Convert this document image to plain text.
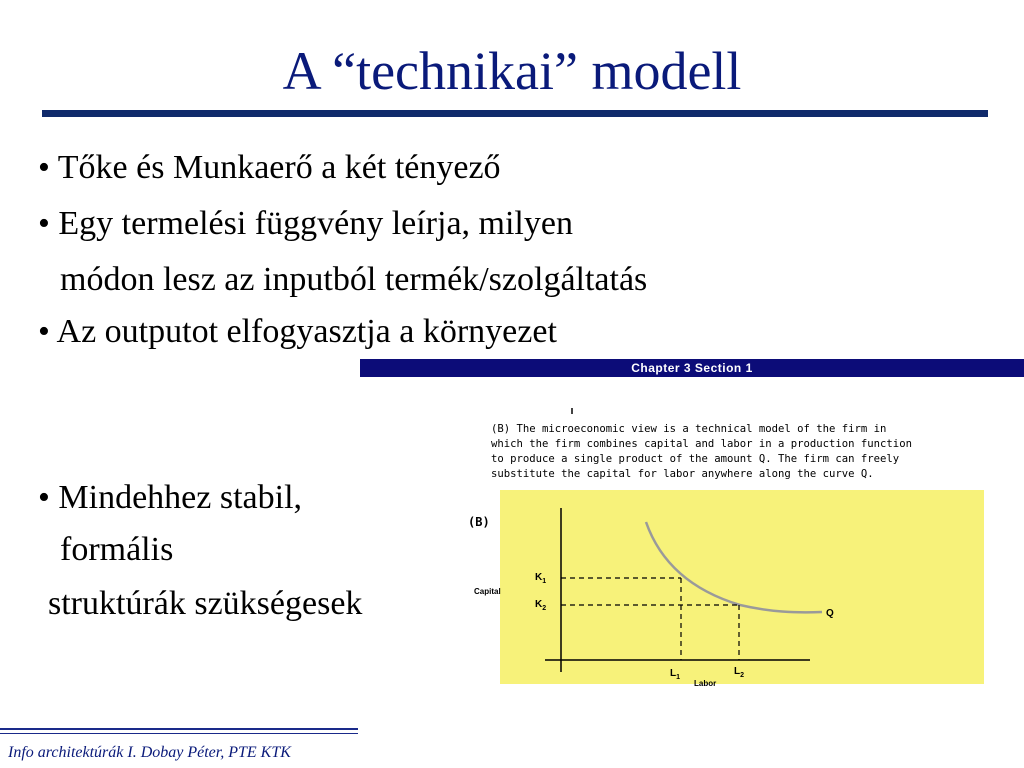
A “technikai” modell
• Tőke és Munkaerő a két tényező
• Egy termelési függvény leírja, milyen
módon lesz az inputból termék/szolgáltatás
• Az outputot elfogyasztja a környezet
• Mindehhez stabil,
formális
struktúrák szükségesek
Chapter 3 Section 1
(B) The microeconomic view is a technical model of the firm in
which the firm combines capital and labor in a production function
to produce a single product of the amount Q. The firm can freely
substitute the capital for labor anywhere along the curve Q.
(B)
$K_1$
$K_2$
Capital
Q
$L_1$
$L_2$
Labor
Info architektúrák I. Dobay Péter, PTE KTK
